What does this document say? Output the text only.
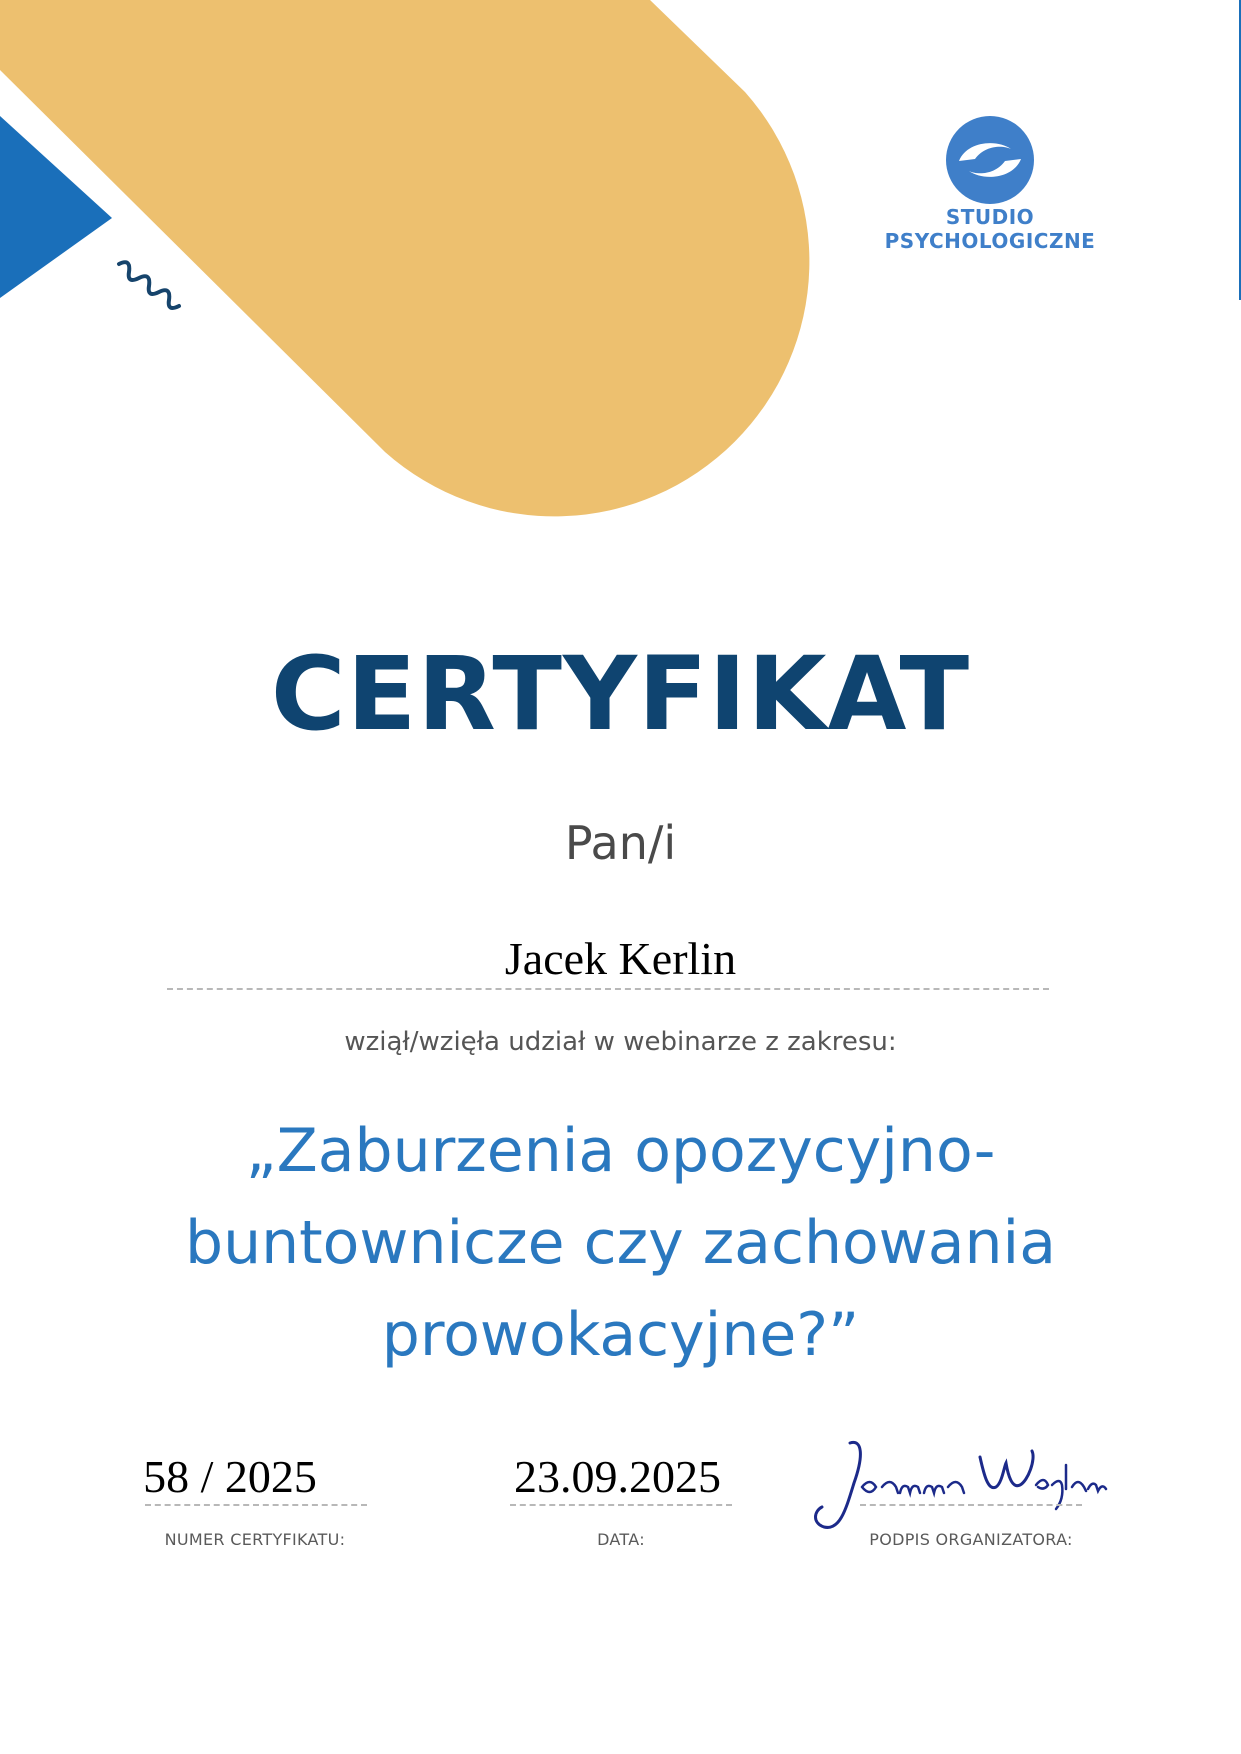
STUDIO
PSYCHOLOGICZNE
CERTYFIKAT
Pan/i
Jacek Kerlin
wziął/wzięła udział w webinarze z zakresu:
„Zaburzenia opozycyjno-buntownicze czy zachowania prowokacyjne?”
58 / 2025
NUMER CERTYFIKATU:
23.09.2025
DATA:
Joanna Węglan
PODPIS ORGANIZATORA:
